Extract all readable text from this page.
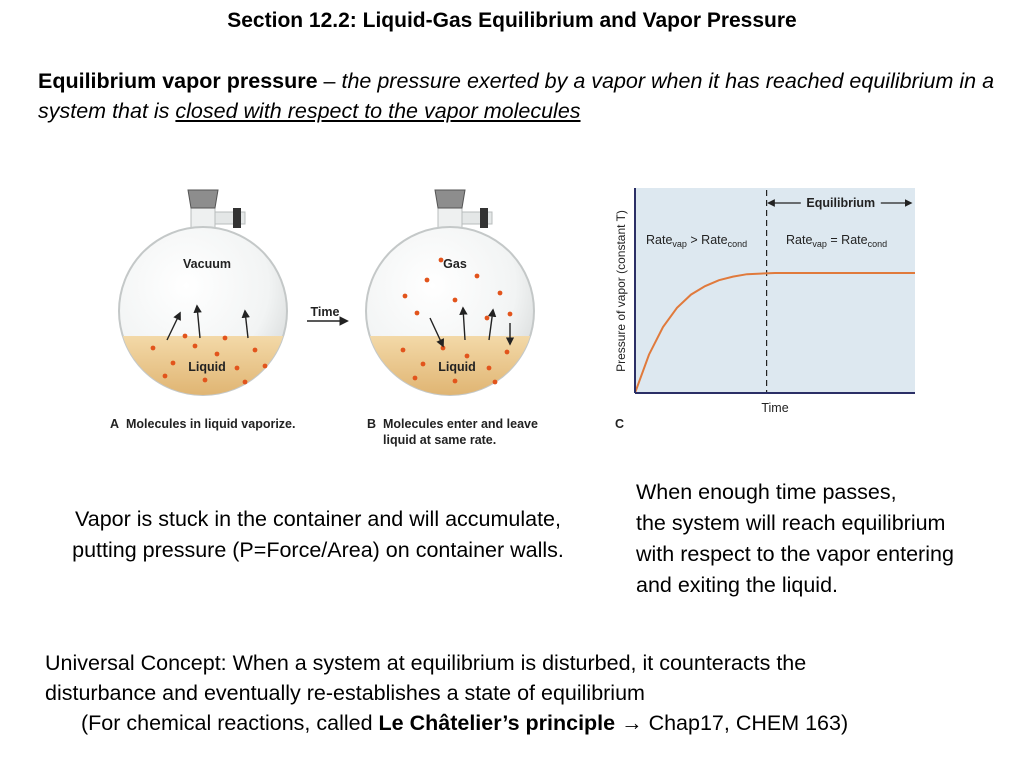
Section 12.2: Liquid-Gas Equilibrium and Vapor Pressure
Equilibrium vapor pressure – the pressure exerted by a vapor when it has reached equilibrium in a system that is closed with respect to the vapor molecules
Vacuum
Liquid
Time
Gas
Liquid
A Molecules in liquid vaporize.	B Molecules enter and leave
liquid at same rate.
C
Time
Pressure of vapor (constant T)
Equilibrium
Rate$_{vap}$ > Rate$_{cond}$	Rate$_{vap}$ = Rate$_{cond}$
Vapor is stuck in the container and will accumulate,
putting pressure (P=Force/Area) on container walls.
When enough time passes,
the system will reach equilibrium
with respect to the vapor entering
and exiting the liquid.
Universal Concept: When a system at equilibrium is disturbed, it counteracts the
disturbance and eventually re-establishes a state of equilibrium
(For chemical reactions, called Le Châtelier’s principle → Chap17, CHEM 163)
